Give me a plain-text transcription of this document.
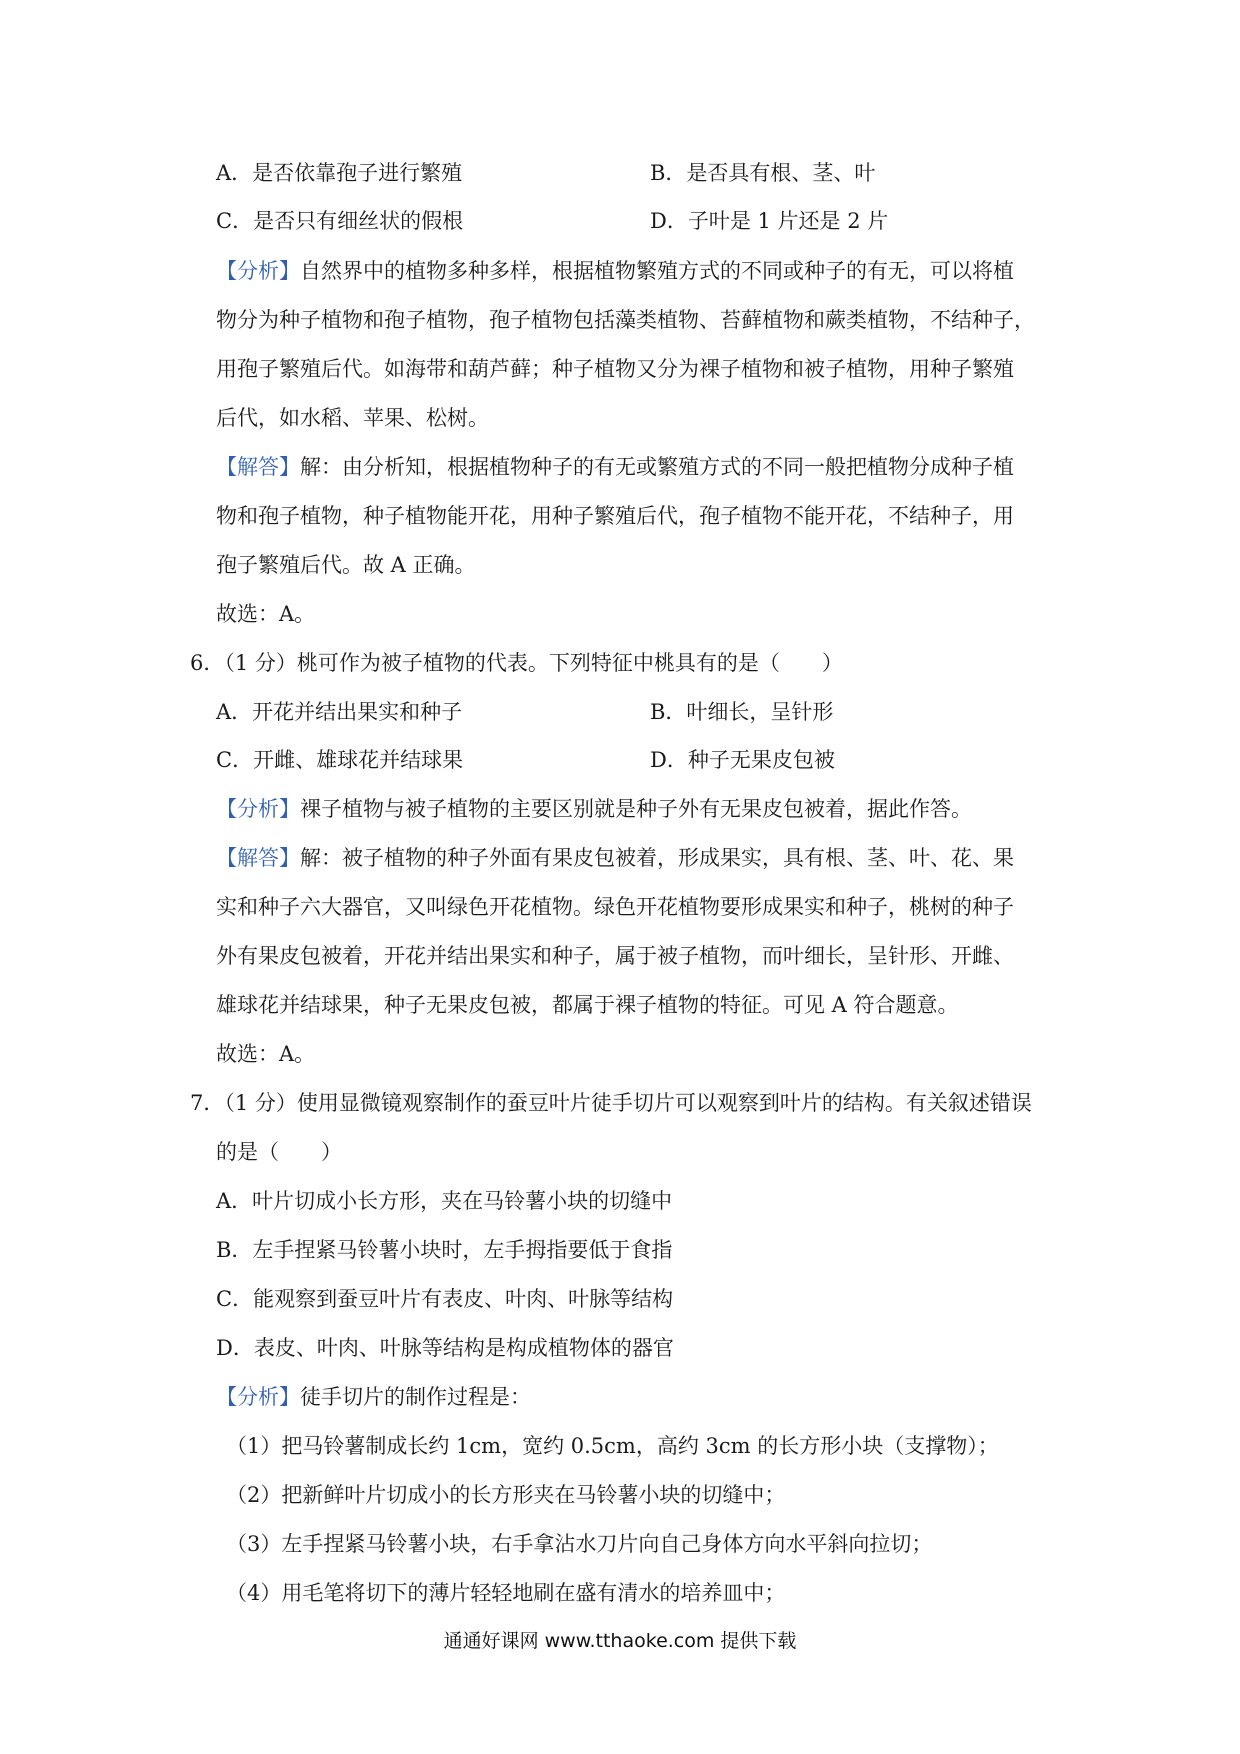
A．是否依靠孢子进行繁殖	B．是否具有根、茎、叶
C．是否只有细丝状的假根	D．子叶是 1 片还是 2 片
【分析】自然界中的植物多种多样，根据植物繁殖方式的不同或种子的有无，可以将植
物分为种子植物和孢子植物，孢子植物包括藻类植物、苔藓植物和蕨类植物，不结种子，
用孢子繁殖后代。如海带和葫芦藓；种子植物又分为裸子植物和被子植物，用种子繁殖
后代，如水稻、苹果、松树。
【解答】解：由分析知，根据植物种子的有无或繁殖方式的不同一般把植物分成种子植
物和孢子植物，种子植物能开花，用种子繁殖后代，孢子植物不能开花，不结种子，用
孢子繁殖后代。故 A 正确。
故选：A。
6．（1 分）桃可作为被子植物的代表。下列特征中桃具有的是（　　）
A．开花并结出果实和种子	B．叶细长，呈针形
C．开雌、雄球花并结球果	D．种子无果皮包被
【分析】裸子植物与被子植物的主要区别就是种子外有无果皮包被着，据此作答。
【解答】解：被子植物的种子外面有果皮包被着，形成果实，具有根、茎、叶、花、果
实和种子六大器官，又叫绿色开花植物。绿色开花植物要形成果实和种子，桃树的种子
外有果皮包被着，开花并结出果实和种子，属于被子植物，而叶细长，呈针形、开雌、
雄球花并结球果，种子无果皮包被，都属于裸子植物的特征。可见 A 符合题意。
故选：A。
7．（1 分）使用显微镜观察制作的蚕豆叶片徒手切片可以观察到叶片的结构。有关叙述错误
的是（　　）
A．叶片切成小长方形，夹在马铃薯小块的切缝中
B．左手捏紧马铃薯小块时，左手拇指要低于食指
C．能观察到蚕豆叶片有表皮、叶肉、叶脉等结构
D．表皮、叶肉、叶脉等结构是构成植物体的器官
【分析】徒手切片的制作过程是：
（1）把马铃薯制成长约 1cm，宽约 0.5cm，高约 3cm 的长方形小块（支撑物）；
（2）把新鲜叶片切成小的长方形夹在马铃薯小块的切缝中；
（3）左手捏紧马铃薯小块，右手拿沾水刀片向自己身体方向水平斜向拉切；
（4）用毛笔将切下的薄片轻轻地刷在盛有清水的培养皿中；
通通好课网 www.tthaoke.com 提供下载
